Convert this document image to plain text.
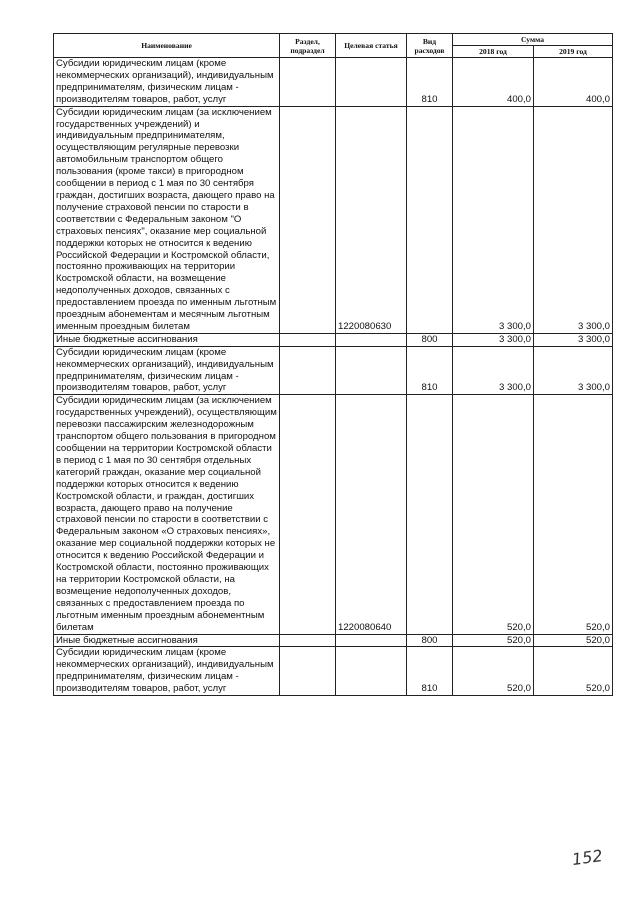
Наименование	Раздел, подраздел	Целевая статья	Вид расходов	Сумма	
				2018 год	2019 год
Субсидии юридическим лицам (кроме некоммерческих организаций), индивидуальным предпринимателям, физическим лицам - производителям товаров, работ, услуг			810	400,0	400,0
Субсидии юридическим лицам (за исключением государственных учреждений) и индивидуальным предпринимателям, осуществляющим регулярные перевозки автомобильным транспортом общего пользования (кроме такси) в пригородном сообщении в период с 1 мая по 30 сентября граждан, достигших возраста, дающего право на получение страховой пенсии по старости в соответствии с Федеральным законом "О страховых пенсиях", оказание мер социальной поддержки которых не относится к ведению Российской Федерации и Костромской области, постоянно проживающих на территории Костромской области, на возмещение недополученных доходов, связанных с предоставлением проезда по именным льготным проездным абонементам и месячным льготным именным проездным билетам		1220080630		3 300,0	3 300,0
Иные бюджетные ассигнования			800	3 300,0	3 300,0
Субсидии юридическим лицам (кроме некоммерческих организаций), индивидуальным предпринимателям, физическим лицам - производителям товаров, работ, услуг			810	3 300,0	3 300,0
Субсидии юридическим лицам (за исключением государственных учреждений), осуществляющим перевозки пассажирским железнодорожным транспортом общего пользования в пригородном сообщении на территории Костромской области в период с 1 мая по 30 сентября отдельных категорий граждан, оказание мер социальной поддержки которых относится к ведению Костромской области, и граждан, достигших возраста, дающего право на получение страховой пенсии по старости в соответствии с Федеральным законом «О страховых пенсиях», оказание мер социальной поддержки которых не относится к ведению Российской Федерации и Костромской области, постоянно проживающих на территории Костромской области, на возмещение недополученных доходов, связанных с предоставлением проезда по льготным именным проездным абонементным билетам		1220080640		520,0	520,0
Иные бюджетные ассигнования			800	520,0	520,0
Субсидии юридическим лицам (кроме некоммерческих организаций), индивидуальным предпринимателям, физическим лицам - производителям товаров, работ, услуг			810	520,0	520,0
152
